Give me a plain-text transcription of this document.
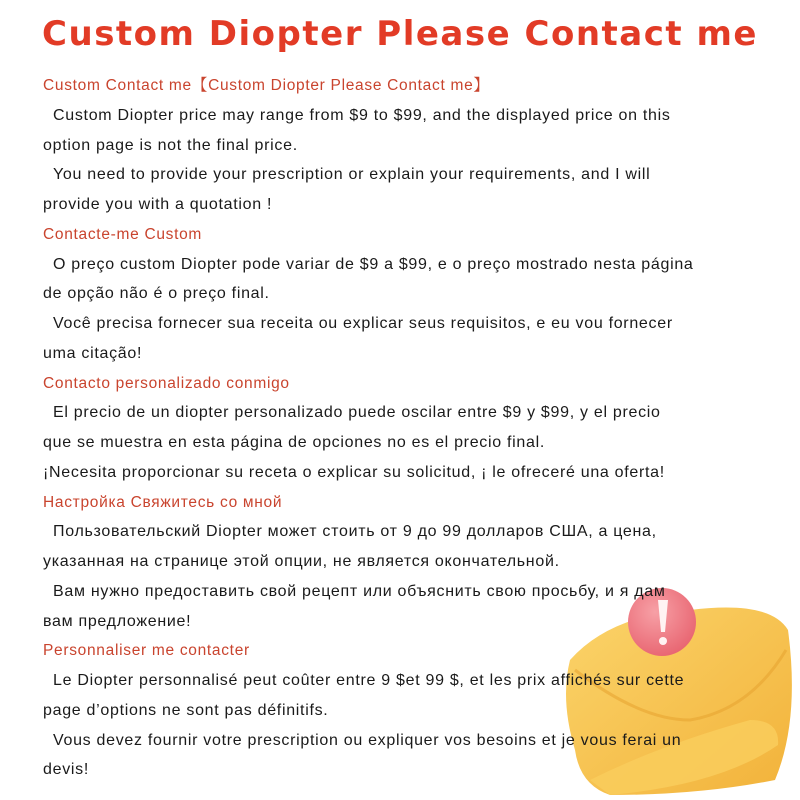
Custom Diopter Please Contact me
Custom Contact me【Custom Diopter Please Contact me】
Custom Diopter price may range from $9 to $99, and the displayed price on this
option page is not the final price.
You need to provide your prescription or explain your requirements, and I will
provide you with a quotation !
Contacte-me Custom
O preço custom Diopter pode variar de $9 a $99, e o preço mostrado nesta página
de opção não é o preço final.
Você precisa fornecer sua receita ou explicar seus requisitos, e eu vou fornecer
uma citação!
Contacto personalizado conmigo
El precio de un diopter personalizado puede oscilar entre $9 y $99, y el precio
que se muestra en esta página de opciones no es el precio final.
¡Necesita proporcionar su receta o explicar su solicitud, ¡ le ofreceré una oferta!
Настройка Свяжитесь со мной
Пользовательский Diopter может стоить от 9 до 99 долларов США, а цена,
указанная на странице этой опции, не является окончательной.
Вам нужно предоставить свой рецепт или объяснить свою просьбу, и я дам
вам предложение!
Personnaliser me contacter
Le Diopter personnalisé peut coûter entre 9 $et 99 $, et les prix affichés sur cette
page d’options ne sont pas définitifs.
Vous devez fournir votre prescription ou expliquer vos besoins et je vous ferai un
devis!
